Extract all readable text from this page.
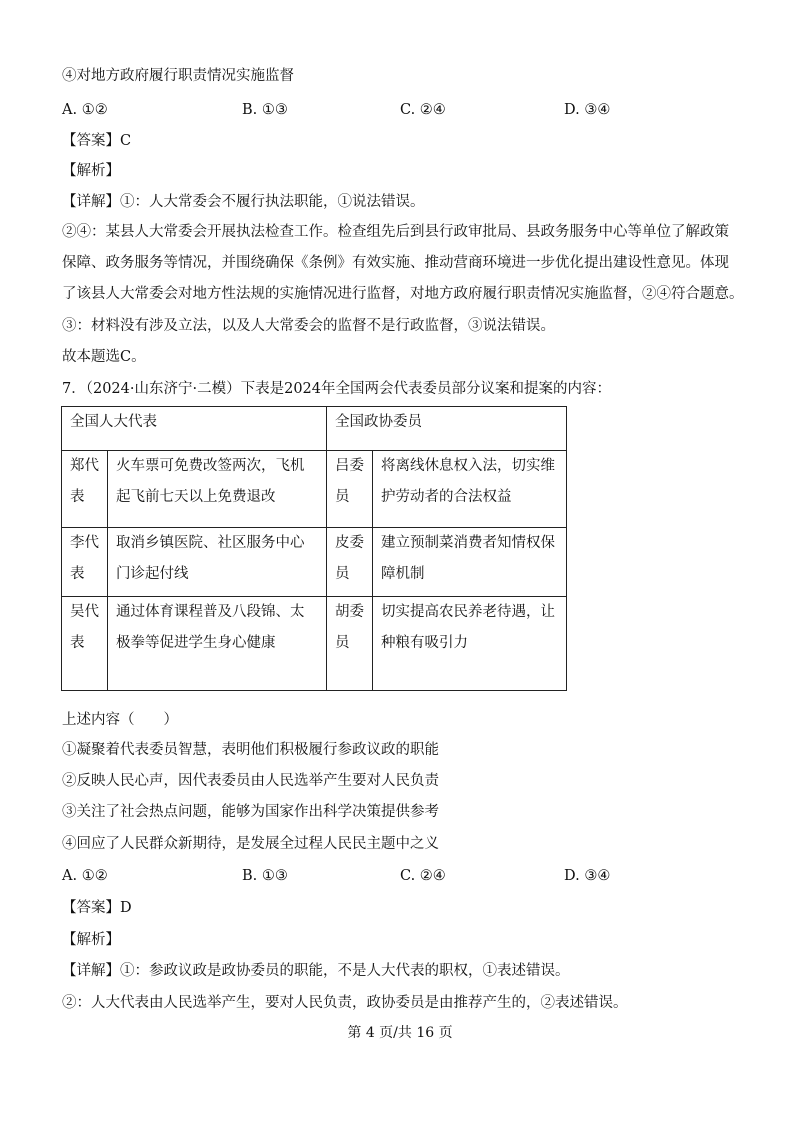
④对地方政府履行职责情况实施监督
A. ①②	B. ①③	C. ②④	D. ③④
【答案】C
【解析】
【详解】①：人大常委会不履行执法职能，①说法错误。
②④：某县人大常委会开展执法检查工作。检查组先后到县行政审批局、县政务服务中心等单位了解政策
保障、政务服务等情况，并围绕确保《条例》有效实施、推动营商环境进一步优化提出建设性意见。体现
了该县人大常委会对地方性法规的实施情况进行监督，对地方政府履行职责情况实施监督，②④符合题意。
③：材料没有涉及立法，以及人大常委会的监督不是行政监督，③说法错误。
故本题选C。
7．（2024·山东济宁·二模）下表是2024年全国两会代表委员部分议案和提案的内容：
全国人大代表		全国政协委员	
郑代表	火车票可免费改签两次，飞机起飞前七天以上免费退改	吕委员	将离线休息权入法，切实维护劳动者的合法权益
李代表	取消乡镇医院、社区服务中心门诊起付线	皮委员	建立预制菜消费者知情权保障机制
吴代表	通过体育课程普及八段锦、太极拳等促进学生身心健康	胡委员	切实提高农民养老待遇，让种粮有吸引力
上述内容（　　）
①凝聚着代表委员智慧，表明他们积极履行参政议政的职能
②反映人民心声，因代表委员由人民选举产生要对人民负责
③关注了社会热点问题，能够为国家作出科学决策提供参考
④回应了人民群众新期待，是发展全过程人民民主题中之义
A. ①②	B. ①③	C. ②④	D. ③④
【答案】D
【解析】
【详解】①：参政议政是政协委员的职能，不是人大代表的职权，①表述错误。
②：人大代表由人民选举产生，要对人民负责，政协委员是由推荐产生的，②表述错误。
第 4 页/共 16 页
